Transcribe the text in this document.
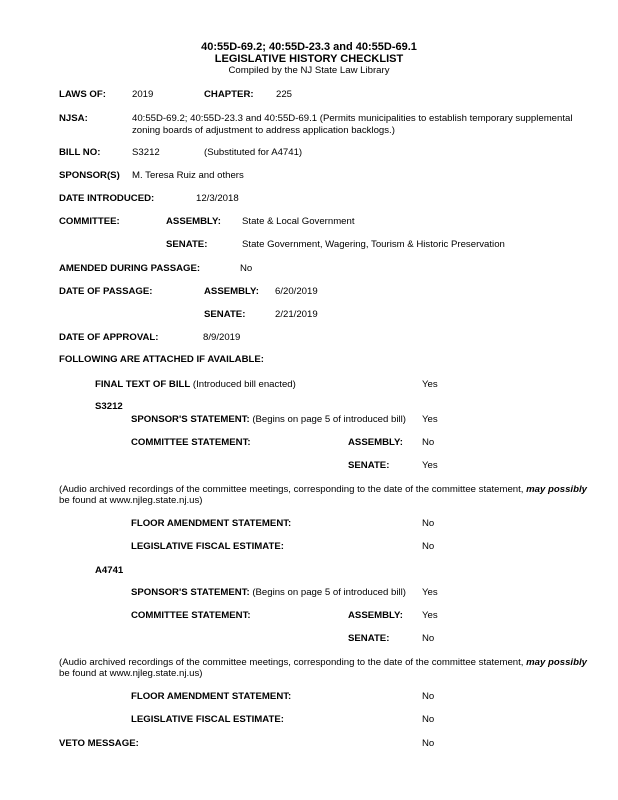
40:55D-69.2; 40:55D-23.3 and 40:55D-69.1
LEGISLATIVE HISTORY CHECKLIST
Compiled by the NJ State Law Library
LAWS OF:	2019	CHAPTER: 225
NJSA:	40:55D-69.2; 40:55D-23.3 and 40:55D-69.1 (Permits municipalities to establish temporary supplemental
zoning boards of adjustment to address application backlogs.)
BILL NO:	S3212	(Substituted for A4741)
SPONSOR(S) M. Teresa Ruiz and others
DATE INTRODUCED:	12/3/2018
COMMITTEE:	ASSEMBLY: State & Local Government
SENATE:	State Government, Wagering, Tourism & Historic Preservation
AMENDED DURING PASSAGE:	No
DATE OF PASSAGE:	ASSEMBLY: 6/20/2019
SENATE:	2/21/2019
DATE OF APPROVAL:	8/9/2019
FOLLOWING ARE ATTACHED IF AVAILABLE:
FINAL TEXT OF BILL (Introduced bill enacted)	Yes
S3212
SPONSOR'S STATEMENT: (Begins on page 5 of introduced bill) Yes
COMMITTEE STATEMENT:	ASSEMBLY: No
SENATE:	Yes
(Audio archived recordings of the committee meetings, corresponding to the date of the committee statement, may possibly
be found at www.njleg.state.nj.us)
FLOOR AMENDMENT STATEMENT:	No
LEGISLATIVE FISCAL ESTIMATE:	No
A4741
SPONSOR'S STATEMENT: (Begins on page 5 of introduced bill) Yes
COMMITTEE STATEMENT:	ASSEMBLY: Yes
SENATE:	No
(Audio archived recordings of the committee meetings, corresponding to the date of the committee statement, may possibly
be found at www.njleg.state.nj.us)
FLOOR AMENDMENT STATEMENT:	No
LEGISLATIVE FISCAL ESTIMATE:	No
VETO MESSAGE:	No
